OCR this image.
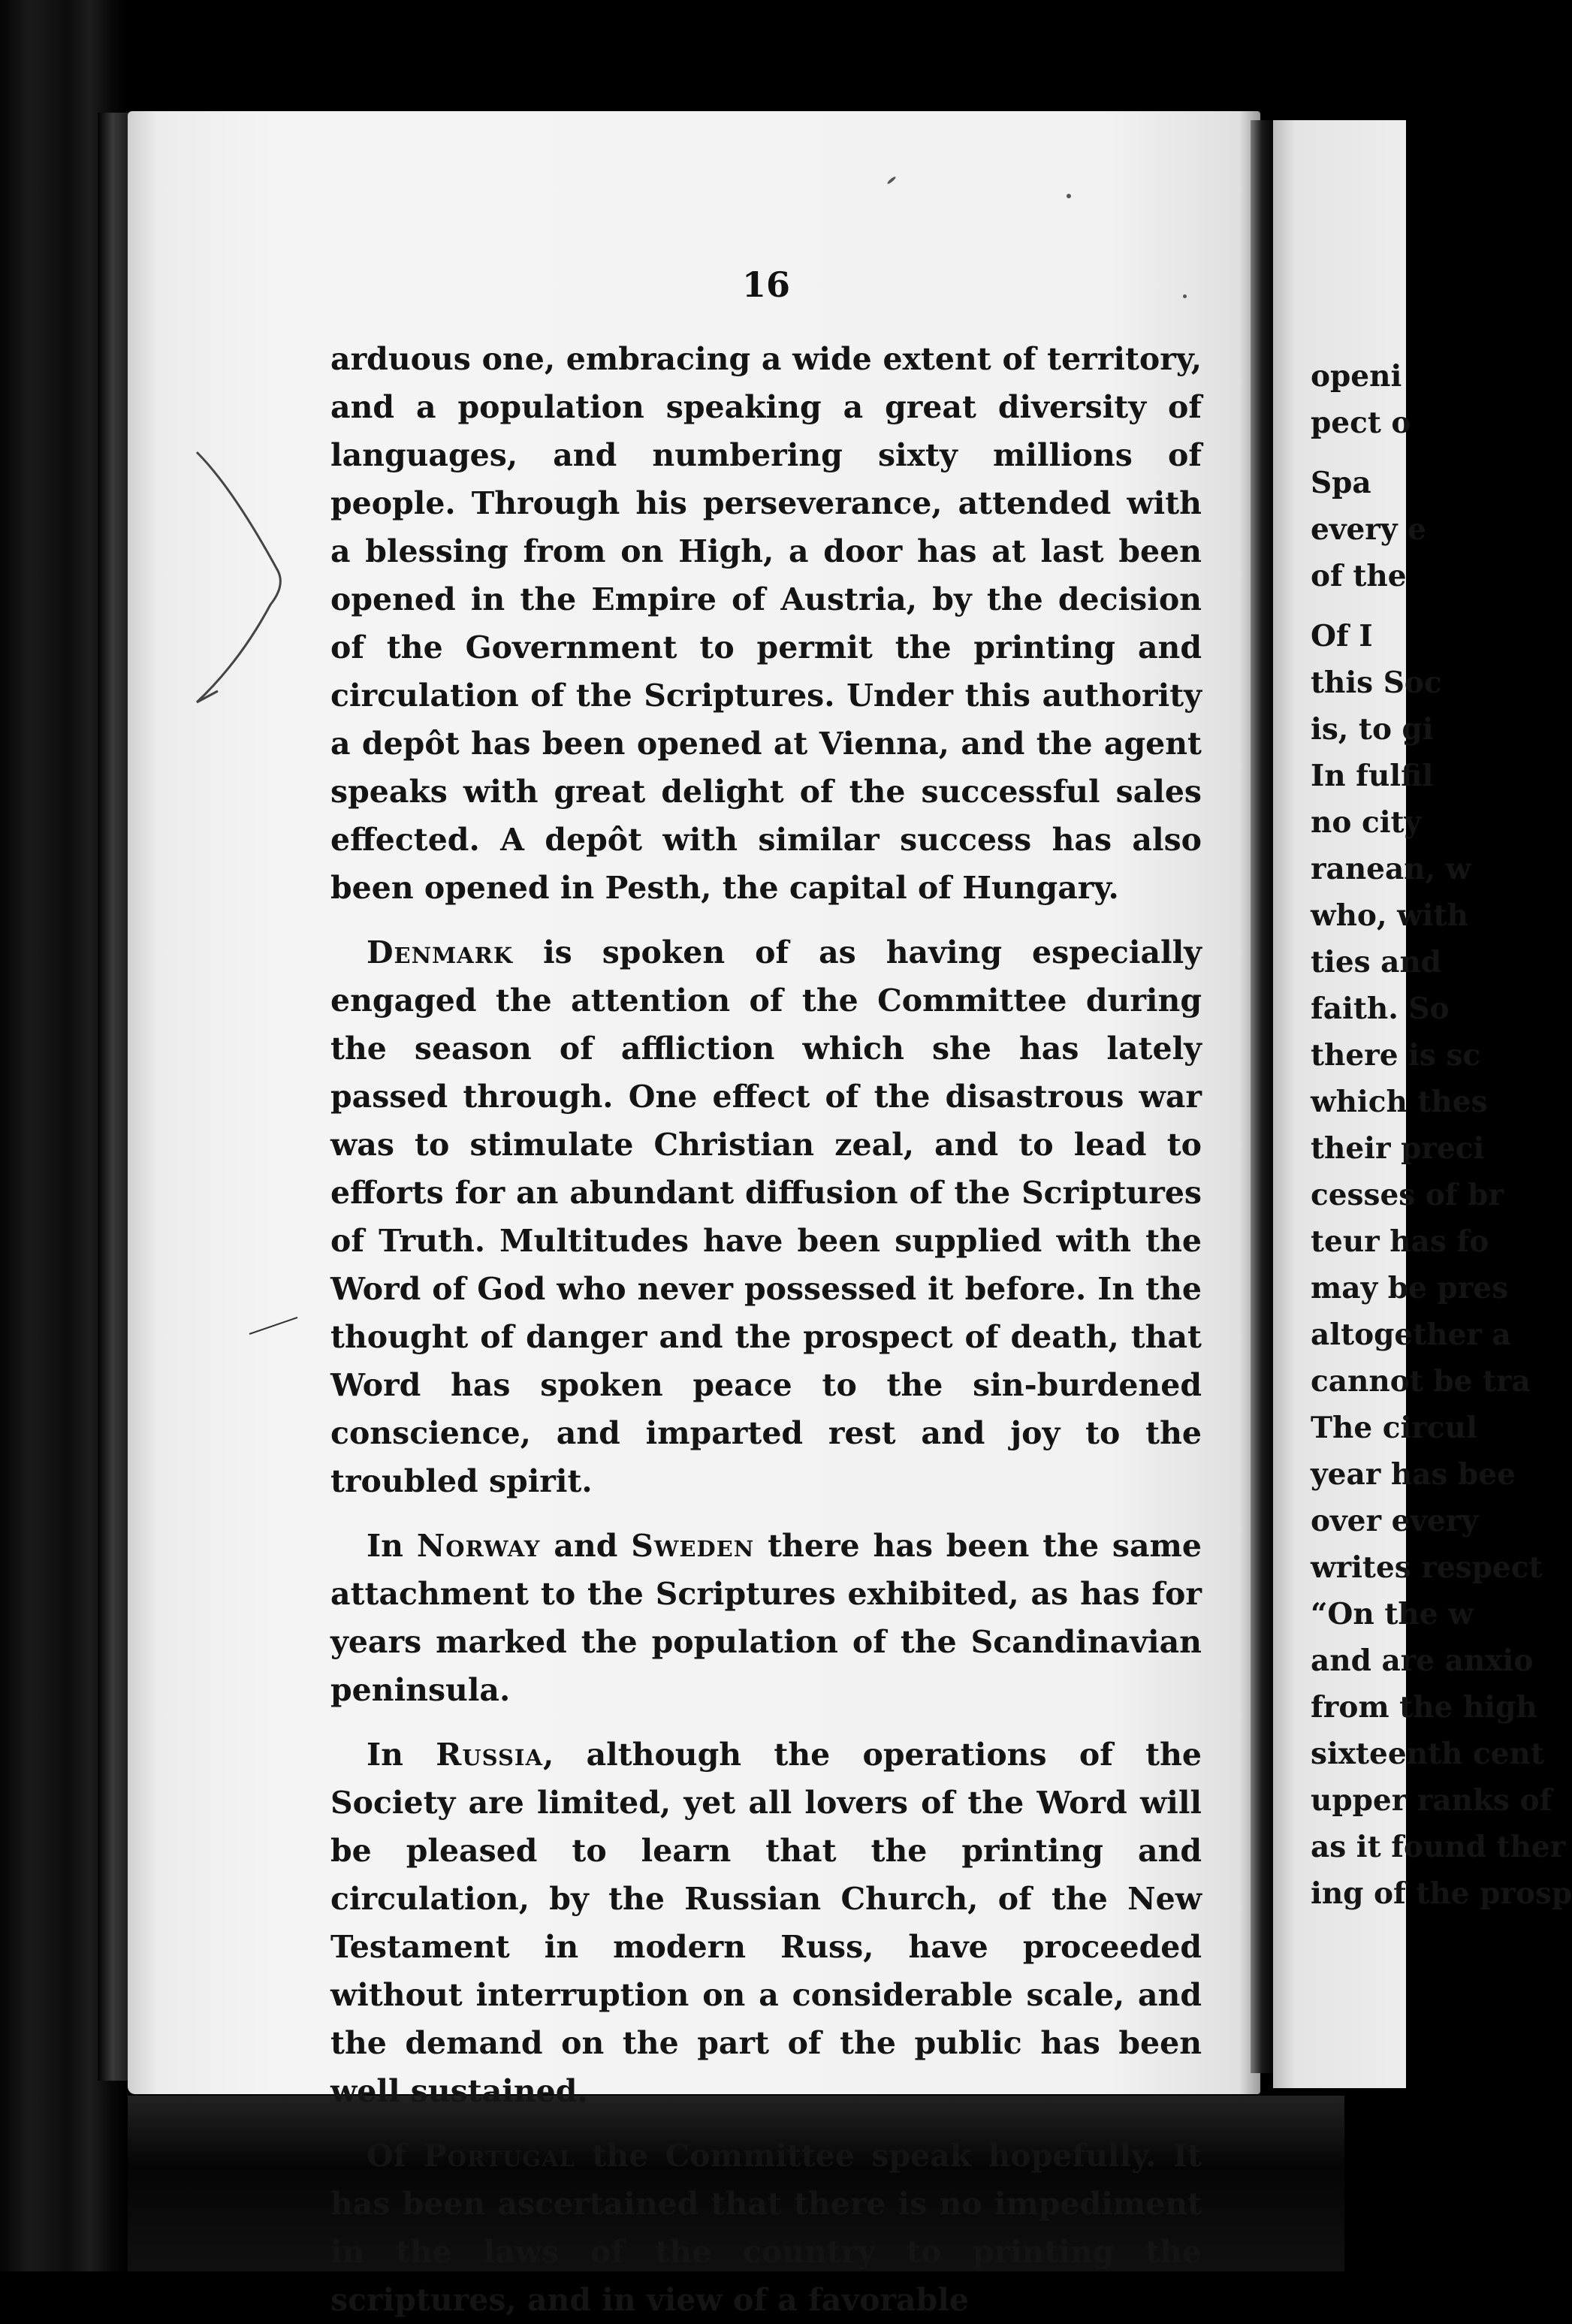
16

arduous one, embracing a wide extent of territory, and a population speaking a great diversity of languages, and numbering sixty millions of people. Through his perseverance, attended with a blessing from on High, a door has at last been opened in the Empire of Austria, by the decision of the Government to permit the printing and circulation of the Scriptures. Under this authority a depôt has been opened at Vienna, and the agent speaks with great delight of the successful sales effected. A depôt with similar success has also been opened in Pesth, the capital of Hungary.

Denmark is spoken of as having especially engaged the attention of the Committee during the season of affliction which she has lately passed through. One effect of the disastrous war was to stimulate Christian zeal, and to lead to efforts for an abundant diffusion of the Scriptures of Truth. Multitudes have been supplied with the Word of God who never possessed it before. In the thought of danger and the prospect of death, that Word has spoken peace to the sin-burdened conscience, and imparted rest and joy to the troubled spirit.

In Norway and Sweden there has been the same attachment to the Scriptures exhibited, as has for years marked the population of the Scandinavian peninsula.

In Russia, although the operations of the Society are limited, yet all lovers of the Word will be pleased to learn that the printing and circulation, by the Russian Church, of the New Testament in modern Russ, have proceeded without interruption on a considerable scale, and the demand on the part of the public has been well sustained.

Of Portugal the Committee speak hopefully. It has been ascertained that there is no impediment in the laws of the country to printing the scriptures, and in view of a favorable

openi
pect o
Spa
every e
of the
Of I
this Soc
is, to gi
In fulfil
no city
ranean, w
who, with
ties and
faith. So
there is sc
which thes
their preci
cesses of br
teur has fo
may be pres
altogether a
cannot be tra
The circul
year has bee
over every
writes respect
“On the w
and are anxio
from the high
sixteenth cent
upper ranks of
as it found ther
ing of the prosp
